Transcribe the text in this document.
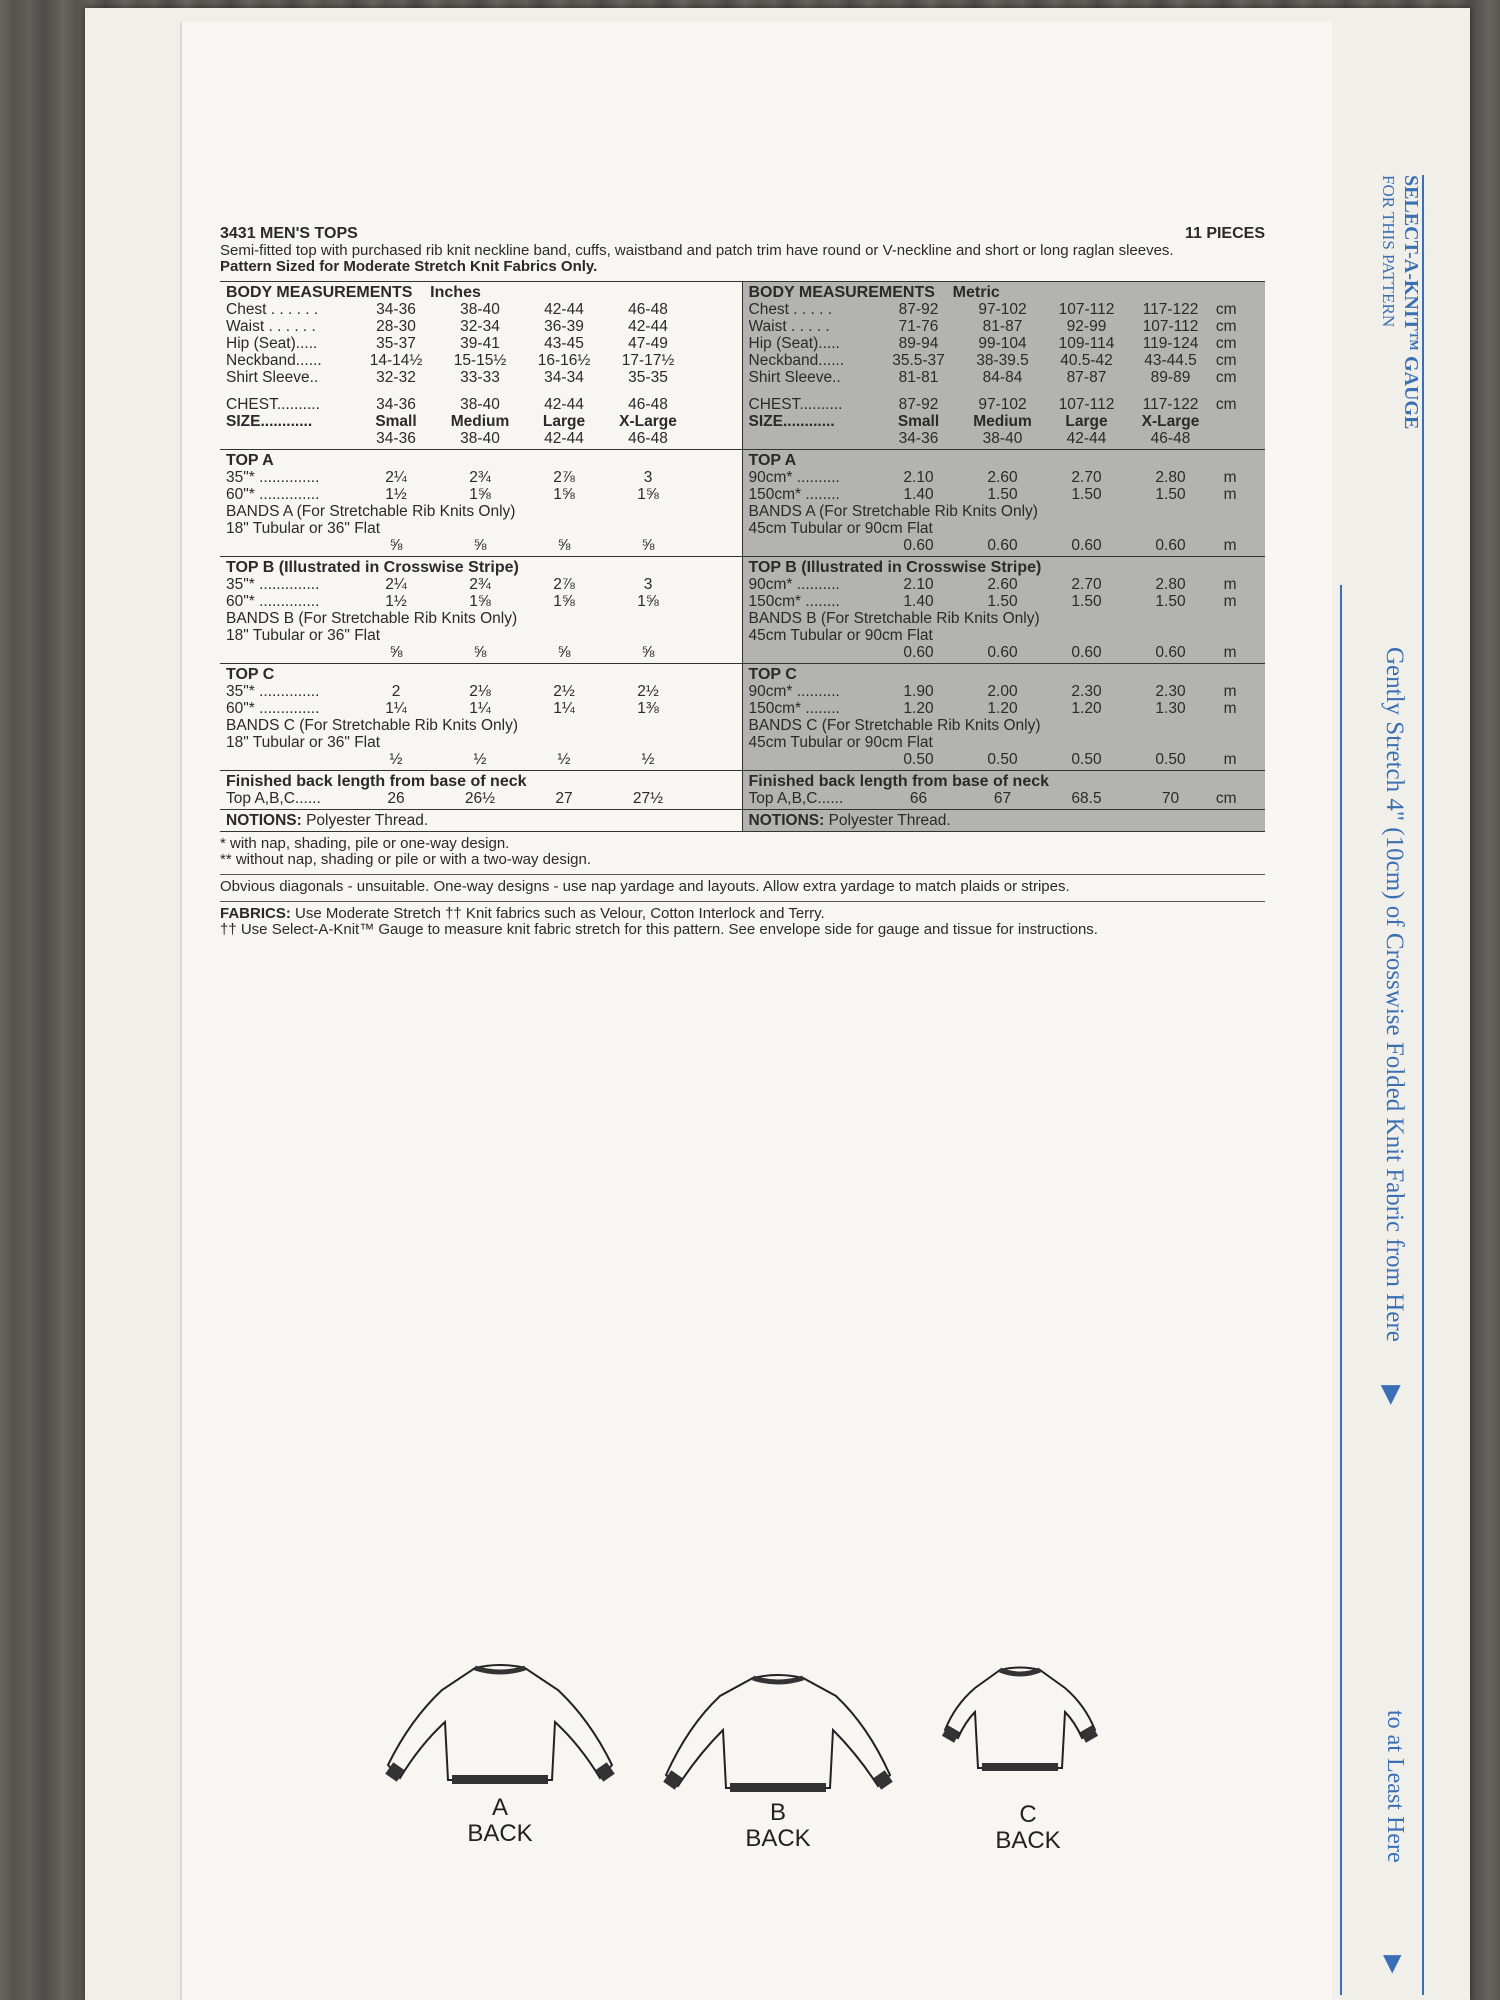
3431 MEN'S TOPS	11 PIECES
Semi-fitted top with purchased rib knit neckline band, cuffs, waistband and patch trim have round or V-neckline and short or long raglan sleeves.
Pattern Sized for Moderate Stretch Knit Fabrics Only.
BODY MEASUREMENTS Inches
Chest . . . . . .	34-36	38-40	42-44	46-48
Waist . . . . . .	28-30	32-34	36-39	42-44
Hip (Seat).....	35-37	39-41	43-45	47-49
Neckband......	14-14½	15-15½	16-16½	17-17½
Shirt Sleeve..	32-32	33-33	34-34	35-35
CHEST..........	34-36	38-40	42-44	46-48
SIZE............	Small	Medium	Large	X-Large
34-36	38-40	42-44	46-48
TOP A
35"* ..............	2¼	2¾	2⅞	3
60"* ..............	1½	1⅝	1⅝	1⅝
BANDS A (For Stretchable Rib Knits Only)
18" Tubular or 36" Flat
⅝	⅝	⅝	⅝
TOP B (Illustrated in Crosswise Stripe)
35"* ..............	2¼	2¾	2⅞	3
60"* ..............	1½	1⅝	1⅝	1⅝
BANDS B (For Stretchable Rib Knits Only)
18" Tubular or 36" Flat
⅝	⅝	⅝	⅝
TOP C
35"* ..............	2	2⅛	2½	2½
60"* ..............	1¼	1¼	1¼	1⅜
BANDS C (For Stretchable Rib Knits Only)
18" Tubular or 36" Flat
½	½	½	½
Finished back length from base of neck
Top A,B,C......	26	26½	27	27½
NOTIONS: Polyester Thread.
BODY MEASUREMENTS Metric
Chest . . . . .	87-92	97-102	107-112	117-122	cm
Waist . . . . .	71-76	81-87	92-99	107-112	cm
Hip (Seat).....	89-94	99-104	109-114	119-124	cm
Neckband......	35.5-37	38-39.5	40.5-42	43-44.5	cm
Shirt Sleeve..	81-81	84-84	87-87	89-89	cm
CHEST..........	87-92	97-102	107-112	117-122	cm
SIZE............	Small	Medium	Large	X-Large
34-36	38-40	42-44	46-48
TOP A
90cm* ..........	2.10	2.60	2.70	2.80	m
150cm* ........	1.40	1.50	1.50	1.50	m
BANDS A (For Stretchable Rib Knits Only)
45cm Tubular or 90cm Flat
0.60	0.60	0.60	0.60	m
TOP B (Illustrated in Crosswise Stripe)
90cm* ..........	2.10	2.60	2.70	2.80	m
150cm* ........	1.40	1.50	1.50	1.50	m
BANDS B (For Stretchable Rib Knits Only)
45cm Tubular or 90cm Flat
0.60	0.60	0.60	0.60	m
TOP C
90cm* ..........	1.90	2.00	2.30	2.30	m
150cm* ........	1.20	1.20	1.20	1.30	m
BANDS C (For Stretchable Rib Knits Only)
45cm Tubular or 90cm Flat
0.50	0.50	0.50	0.50	m
Finished back length from base of neck
Top A,B,C......	66	67	68.5	70	cm
NOTIONS: Polyester Thread.
* with nap, shading, pile or one-way design.
** without nap, shading or pile or with a two-way design.
Obvious diagonals - unsuitable. One-way designs - use nap yardage and layouts. Allow extra yardage to match plaids or stripes.
FABRICS: Use Moderate Stretch †† Knit fabrics such as Velour, Cotton Interlock and Terry.
†† Use Select-A-Knit™ Gauge to measure knit fabric stretch for this pattern. See envelope side for gauge and tissue for instructions.
SELECT-A-KNIT™ GAUGE
FOR THIS PATTERN
Gently Stretch 4" (10cm) of Crosswise Folded Knit Fabric from Here
▶
to at Least Here
▶
A
BACK
B
BACK
C
BACK
